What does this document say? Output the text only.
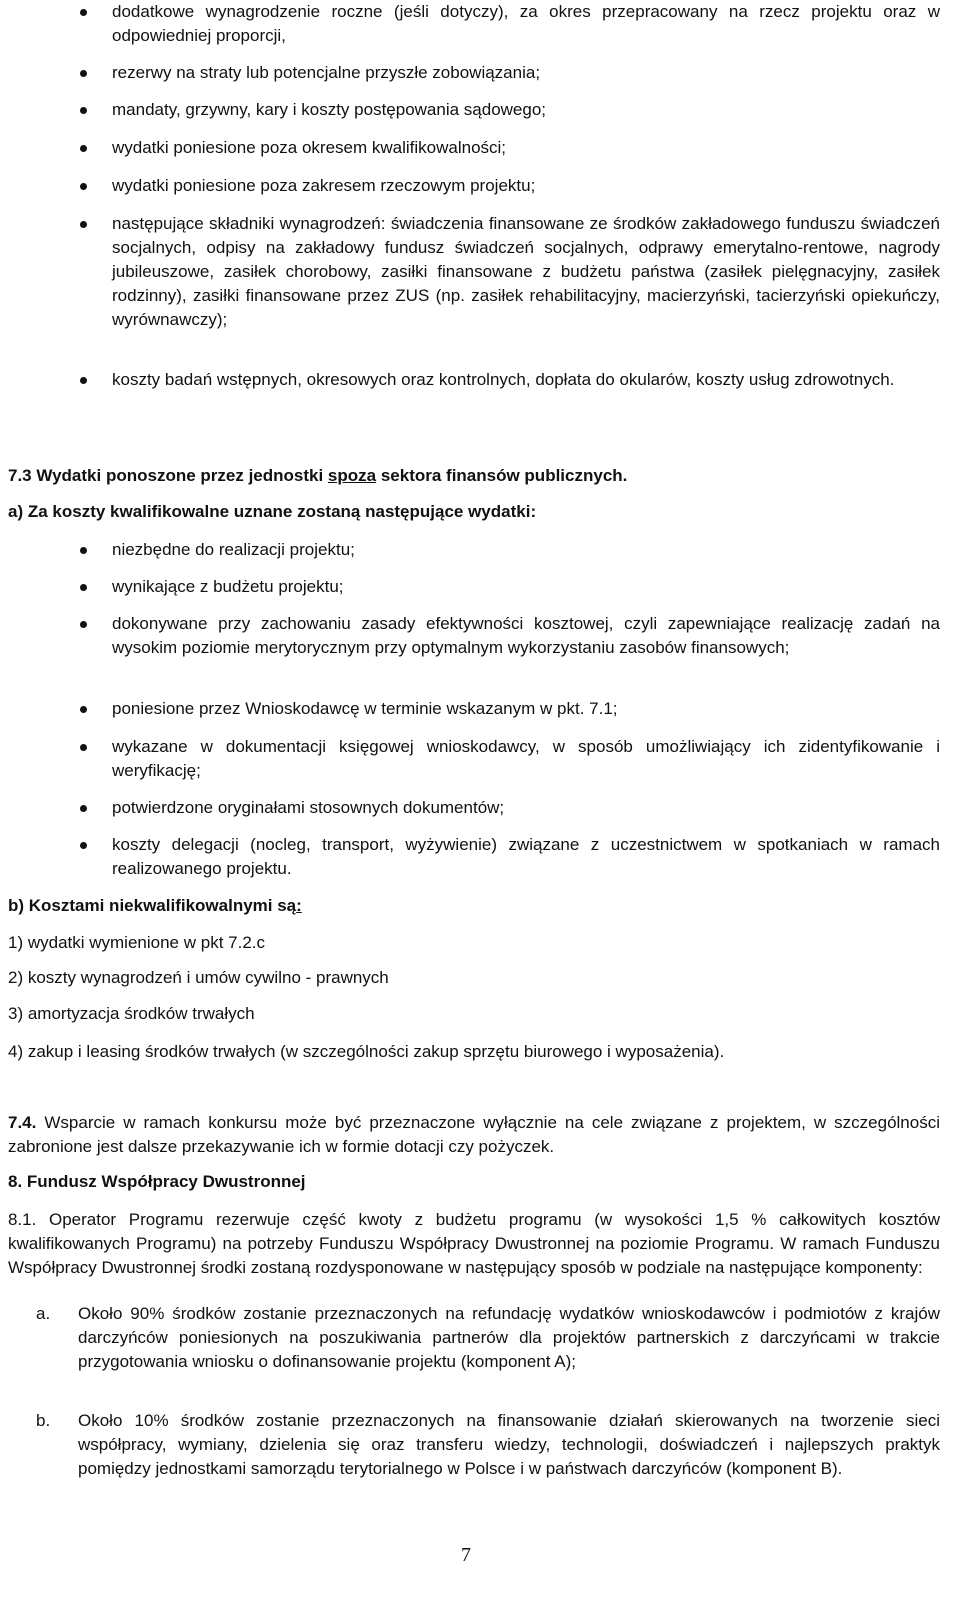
dodatkowe wynagrodzenie roczne (jeśli dotyczy), za okres przepracowany na rzecz projektu oraz w odpowiedniej proporcji,
rezerwy na straty lub potencjalne przyszłe zobowiązania;
mandaty, grzywny, kary i koszty postępowania sądowego;
wydatki poniesione poza okresem kwalifikowalności;
wydatki poniesione poza zakresem rzeczowym projektu;
następujące składniki wynagrodzeń: świadczenia finansowane ze środków zakładowego funduszu świadczeń socjalnych, odpisy na zakładowy fundusz świadczeń socjalnych, odprawy emerytalno-rentowe, nagrody jubileuszowe, zasiłek chorobowy, zasiłki finansowane z budżetu państwa (zasiłek pielęgnacyjny, zasiłek rodzinny), zasiłki finansowane przez ZUS (np. zasiłek rehabilitacyjny, macierzyński, tacierzyński opiekuńczy, wyrównawczy);
koszty badań wstępnych, okresowych oraz kontrolnych, dopłata do okularów, koszty usług zdrowotnych.
7.3 Wydatki ponoszone przez jednostki spoza sektora finansów publicznych.
a) Za koszty kwalifikowalne uznane zostaną następujące wydatki:
niezbędne do realizacji projektu;
wynikające z budżetu projektu;
dokonywane przy zachowaniu zasady efektywności kosztowej, czyli zapewniające realizację zadań na wysokim poziomie merytorycznym przy optymalnym wykorzystaniu zasobów finansowych;
poniesione przez Wnioskodawcę w terminie wskazanym w pkt. 7.1;
wykazane w dokumentacji księgowej wnioskodawcy, w sposób umożliwiający ich zidentyfikowanie i weryfikację;
potwierdzone oryginałami stosownych dokumentów;
koszty delegacji (nocleg, transport, wyżywienie) związane z uczestnictwem w spotkaniach w ramach realizowanego projektu.
b) Kosztami niekwalifikowalnymi są:
1) wydatki wymienione w pkt 7.2.c
2) koszty wynagrodzeń i umów cywilno - prawnych
3) amortyzacja środków trwałych
4) zakup i leasing środków trwałych (w szczególności zakup sprzętu biurowego i wyposażenia).
7.4. Wsparcie w ramach konkursu może być przeznaczone wyłącznie na cele związane z projektem, w szczególności zabronione jest dalsze przekazywanie ich w formie dotacji czy pożyczek.
8. Fundusz Współpracy Dwustronnej
8.1. Operator Programu rezerwuje część kwoty z budżetu programu (w wysokości 1,5 % całkowitych kosztów kwalifikowanych Programu) na potrzeby Funduszu Współpracy Dwustronnej na poziomie Programu. W ramach Funduszu Współpracy Dwustronnej środki zostaną rozdysponowane w następujący sposób w podziale na następujące komponenty:
a. Około 90% środków zostanie przeznaczonych na refundację wydatków wnioskodawców i podmiotów z krajów darczyńców poniesionych na poszukiwania partnerów dla projektów partnerskich z darczyńcami w trakcie przygotowania wniosku o dofinansowanie projektu (komponent A);
b. Około 10% środków zostanie przeznaczonych na finansowanie działań skierowanych na tworzenie sieci współpracy, wymiany, dzielenia się oraz transferu wiedzy, technologii, doświadczeń i najlepszych praktyk pomiędzy jednostkami samorządu terytorialnego w Polsce i w państwach darczyńców (komponent B).
7
